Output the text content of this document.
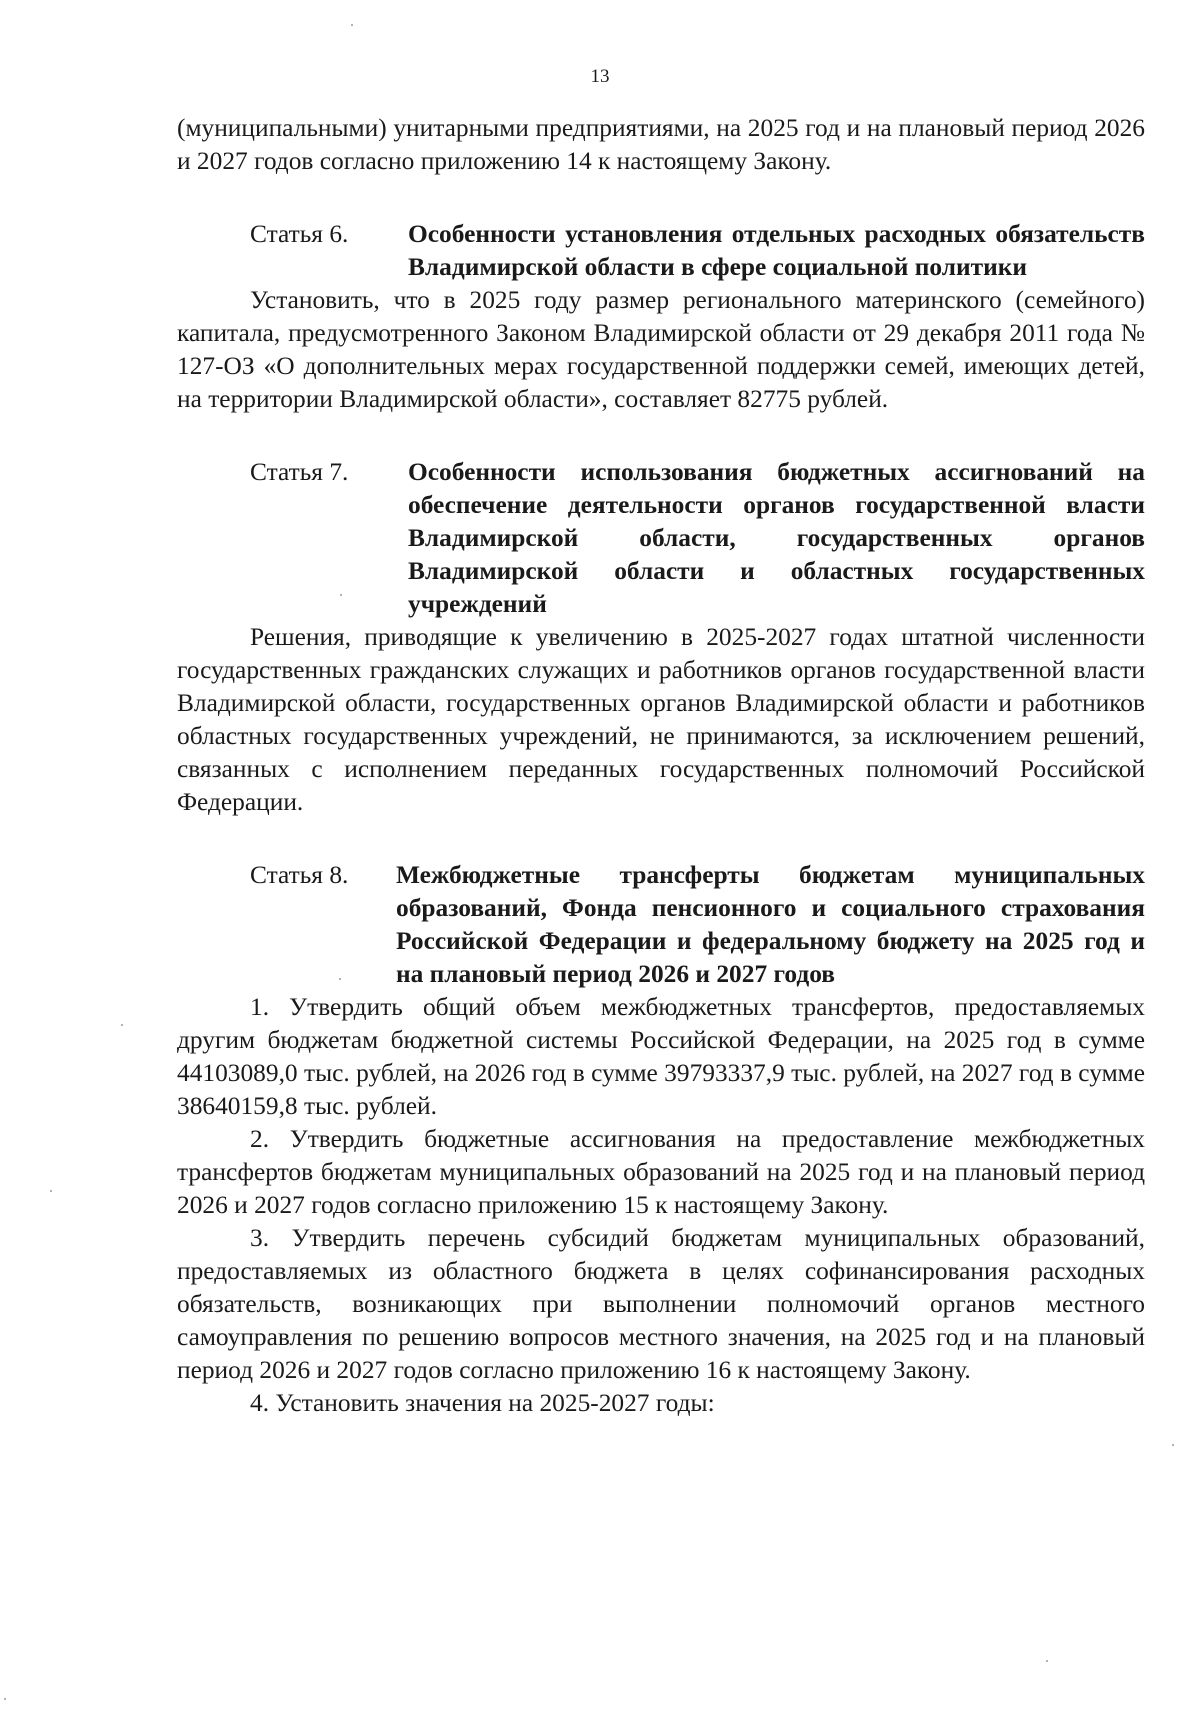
13

(муниципальными) унитарными предприятиями, на 2025 год и на плановый период 2026 и 2027 годов согласно приложению 14 к настоящему Закону.

Статья 6.	Особенности установления отдельных расходных обязательств Владимирской области в сфере социальной политики

Установить, что в 2025 году размер регионального материнского (семейного) капитала, предусмотренного Законом Владимирской области от 29 декабря 2011 года № 127-ОЗ «О дополнительных мерах государственной поддержки семей, имеющих детей, на территории Владимирской области», составляет 82775 рублей.

Статья 7.	Особенности использования бюджетных ассигнований на обеспечение деятельности органов государственной власти Владимирской области, государственных органов Владимирской области и областных государственных учреждений

Решения, приводящие к увеличению в 2025-2027 годах штатной численности государственных гражданских служащих и работников органов государственной власти Владимирской области, государственных органов Владимирской области и работников областных государственных учреждений, не принимаются, за исключением решений, связанных с исполнением переданных государственных полномочий Российской Федерации.

Статья 8.	Межбюджетные трансферты бюджетам муниципальных образований, Фонда пенсионного и социального страхования Российской Федерации и федеральному бюджету на 2025 год и на плановый период 2026 и 2027 годов

1. Утвердить общий объем межбюджетных трансфертов, предоставляемых другим бюджетам бюджетной системы Российской Федерации, на 2025 год в сумме 44103089,0 тыс. рублей, на 2026 год в сумме 39793337,9 тыс. рублей, на 2027 год в сумме 38640159,8 тыс. рублей.

2. Утвердить бюджетные ассигнования на предоставление межбюджетных трансфертов бюджетам муниципальных образований на 2025 год и на плановый период 2026 и 2027 годов согласно приложению 15 к настоящему Закону.

3. Утвердить перечень субсидий бюджетам муниципальных образований, предоставляемых из областного бюджета в целях софинансирования расходных обязательств, возникающих при выполнении полномочий органов местного самоуправления по решению вопросов местного значения, на 2025 год и на плановый период 2026 и 2027 годов согласно приложению 16 к настоящему Закону.

4. Установить значения на 2025-2027 годы:
